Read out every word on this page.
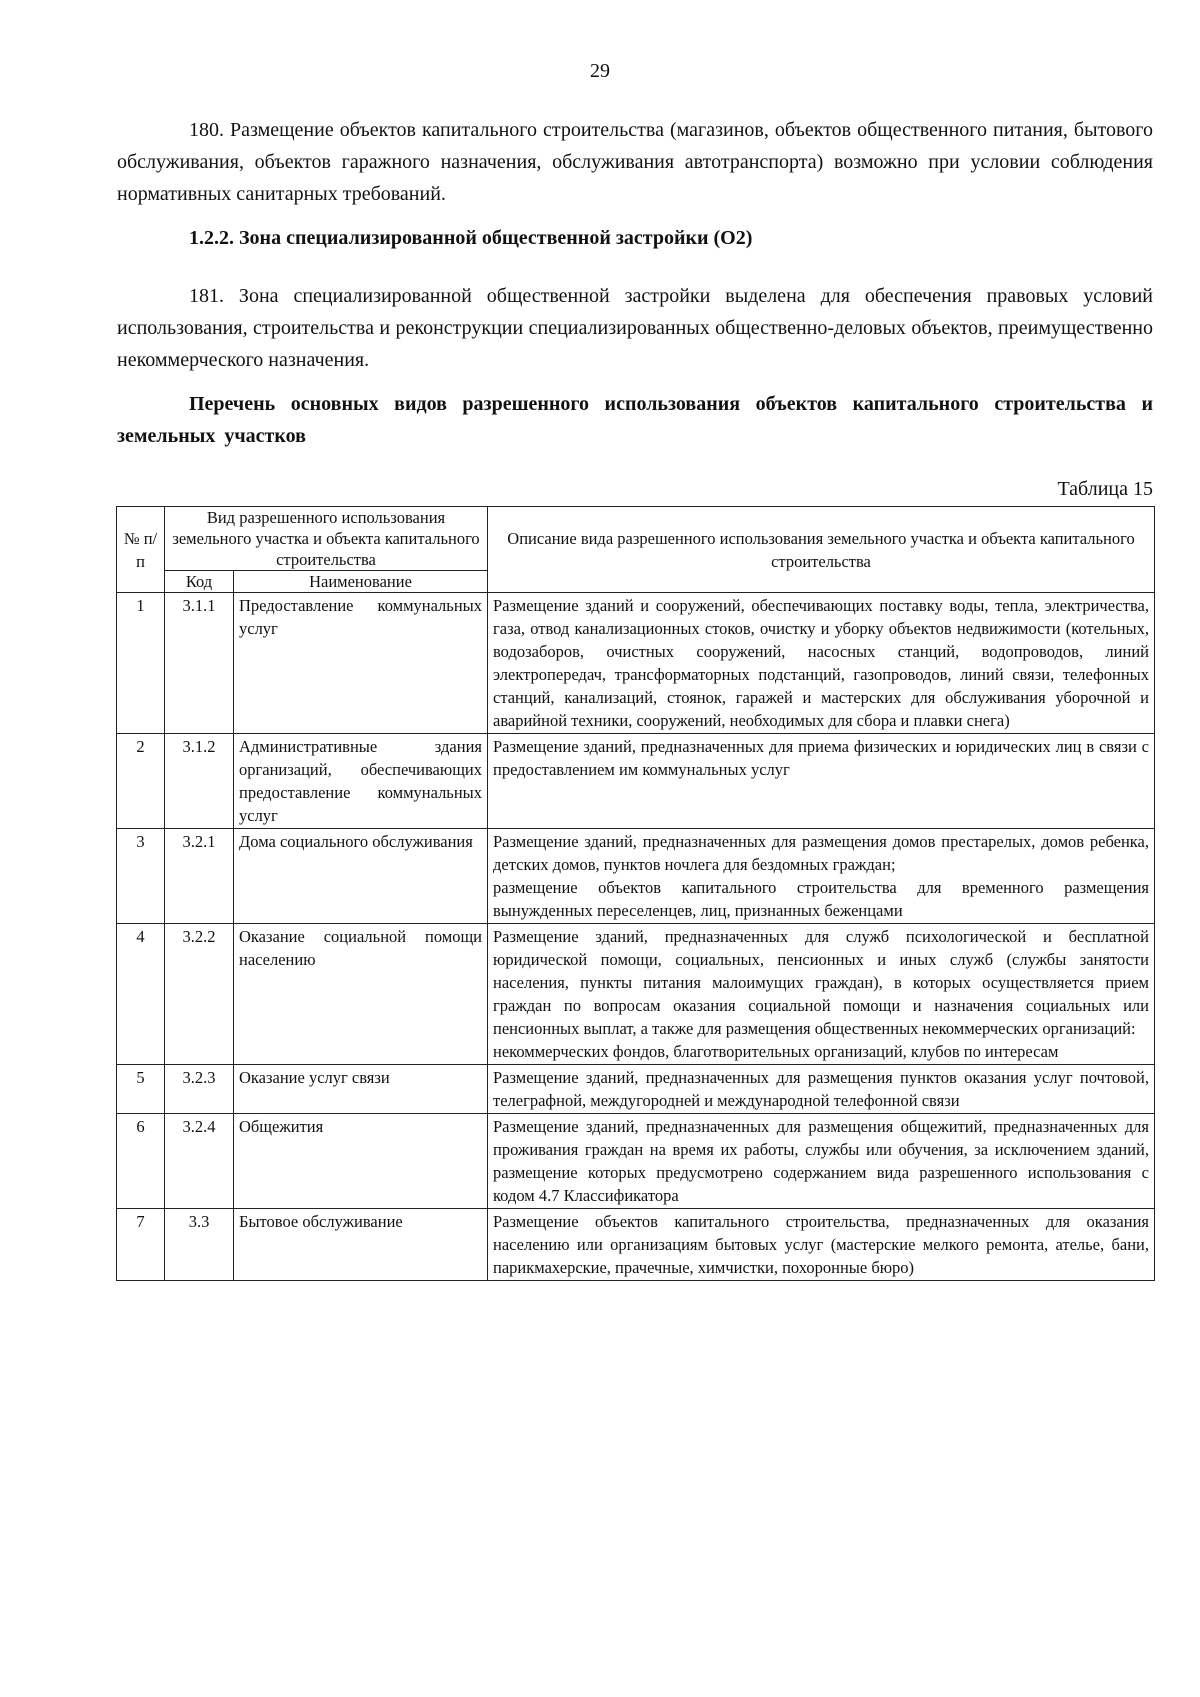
29

180. Размещение объектов капитального строительства (магазинов, объектов общественного питания, бытового обслуживания, объектов гаражного назначения, обслуживания автотранспорта) возможно при условии соблюдения нормативных санитарных требований.

1.2.2. Зона специализированной общественной застройки (О2)

181. Зона специализированной общественной застройки выделена для обеспечения правовых условий использования, строительства и реконструкции специализированных общественно-деловых объектов, преимущественно некоммерческого назначения.

Перечень основных видов разрешенного использования объектов капитального строительства и земельных участков
Таблица 15
№ п/п	Вид разрешенного использования земельного участка и объекта капитального строительства		Описание вида разрешенного использования земельного участка и объекта капитального строительства
	Код	Наименование	
1	3.1.1	Предоставление коммунальных услуг	Размещение зданий и сооружений, обеспечивающих поставку воды, тепла, электричества, газа, отвод канализационных стоков, очистку и уборку объектов недвижимости (котельных, водозаборов, очистных сооружений, насосных станций, водопроводов, линий электропередач, трансформаторных подстанций, газопроводов, линий связи, телефонных станций, канализаций, стоянок, гаражей и мастерских для обслуживания уборочной и аварийной техники, сооружений, необходимых для сбора и плавки снега)
2	3.1.2	Административные здания организаций, обеспечивающих предоставление коммунальных услуг	Размещение зданий, предназначенных для приема физических и юридических лиц в связи с предоставлением им коммунальных услуг
3	3.2.1	Дома социального обслуживания	Размещение зданий, предназначенных для размещения домов престарелых, домов ребенка, детских домов, пунктов ночлега для бездомных граждан;
размещение объектов капитального строительства для временного размещения вынужденных переселенцев, лиц, признанных беженцами

4	3.2.2	Оказание социальной помощи населению	Размещение зданий, предназначенных для служб психологической и бесплатной юридической помощи, социальных, пенсионных и иных служб (службы занятости населения, пункты питания малоимущих граждан), в которых осуществляется прием граждан по вопросам оказания социальной помощи и назначения социальных или пенсионных выплат, а также для размещения общественных некоммерческих организаций:
некоммерческих фондов, благотворительных организаций, клубов по интересам

5	3.2.3	Оказание услуг связи	Размещение зданий, предназначенных для размещения пунктов оказания услуг почтовой, телеграфной, междугородней и международной телефонной связи
6	3.2.4	Общежития	Размещение зданий, предназначенных для размещения общежитий, предназначенных для проживания граждан на время их работы, службы или обучения, за исключением зданий, размещение которых предусмотрено содержанием вида разрешенного использования с кодом 4.7 Классификатора
7	3.3	Бытовое обслуживание	Размещение объектов капитального строительства, предназначенных для оказания населению или организациям бытовых услуг (мастерские мелкого ремонта, ателье, бани, парикмахерские, прачечные, химчистки, похоронные бюро)
